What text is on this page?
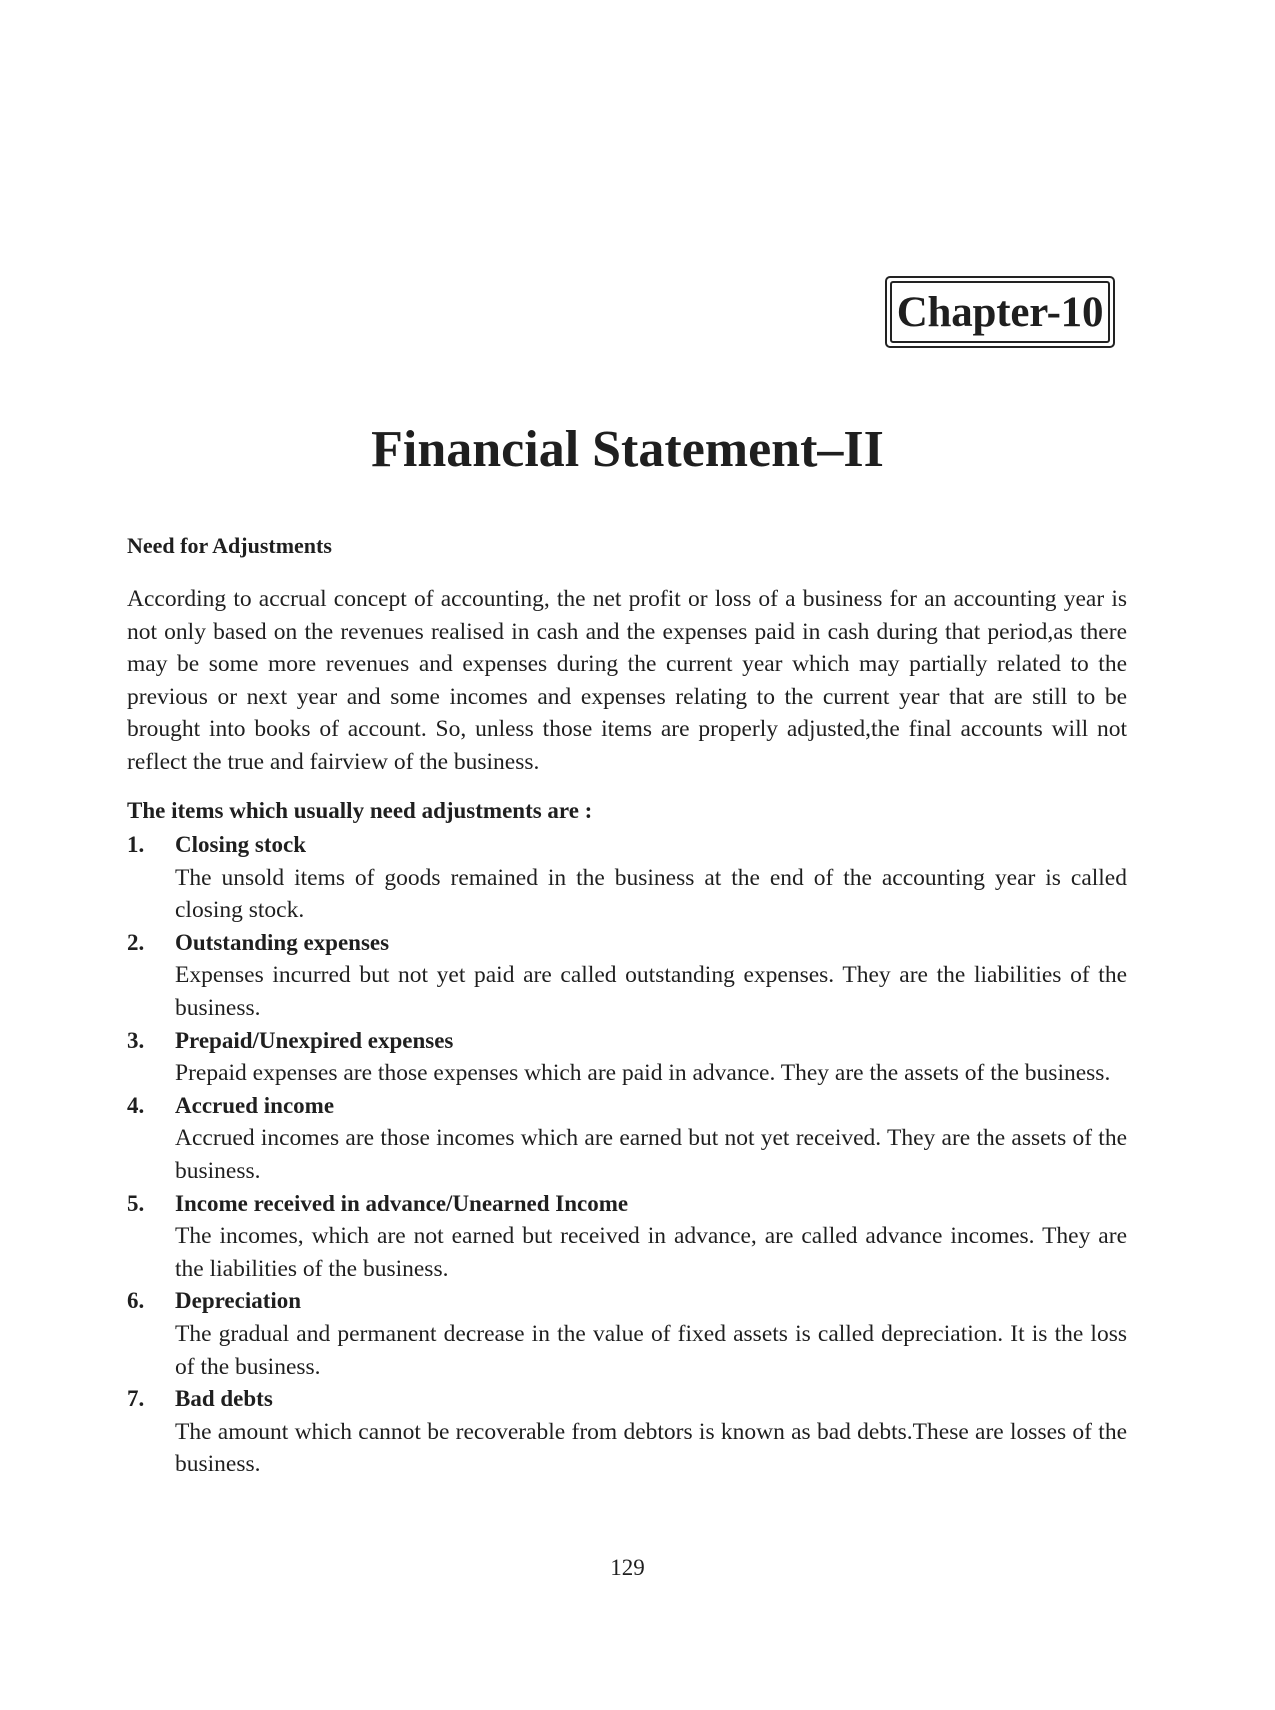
Chapter-10
Financial Statement–II
Need for Adjustments

According to accrual concept of accounting, the net profit or loss of a business for an accounting year is not only based on the revenues realised in cash and the expenses paid in cash during that period,as there may be some more revenues and expenses during the current year which may partially related to the previous or next year and some incomes and expenses relating to the current year that are still to be brought into books of account. So, unless those items are properly adjusted,the final accounts will not reflect the true and fairview of the business.

The items which usually need adjustments are :

1. Closing stock
The unsold items of goods remained in the business at the end of the accounting year is called closing stock.
2. Outstanding expenses
Expenses incurred but not yet paid are called outstanding expenses. They are the liabilities of the business.
3. Prepaid/Unexpired expenses
Prepaid expenses are those expenses which are paid in advance. They are the assets of the business.
4. Accrued income
Accrued incomes are those incomes which are earned but not yet received. They are the assets of the business.
5. Income received in advance/Unearned Income
The incomes, which are not earned but received in advance, are called advance incomes. They are the liabilities of the business.
6. Depreciation
The gradual and permanent decrease in the value of fixed assets is called depreciation. It is the loss of the business.
7. Bad debts
The amount which cannot be recoverable from debtors is known as bad debts.These are losses of the business.
129
